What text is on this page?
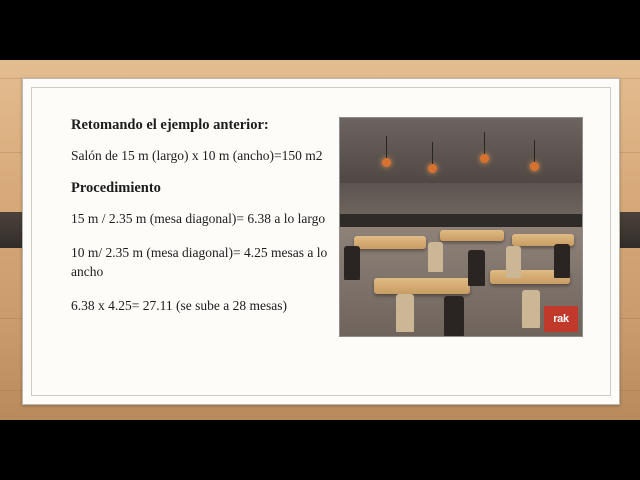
Retomando el ejemplo anterior:

Salón de 15 m (largo) x 10 m (ancho)=150 m2

Procedimiento

15 m / 2.35 m (mesa diagonal)= 6.38 a lo largo

10 m/ 2.35 m (mesa diagonal)= 4.25 mesas a lo ancho

6.38 x 4.25= 27.11 (se sube a 28 mesas)

rak
